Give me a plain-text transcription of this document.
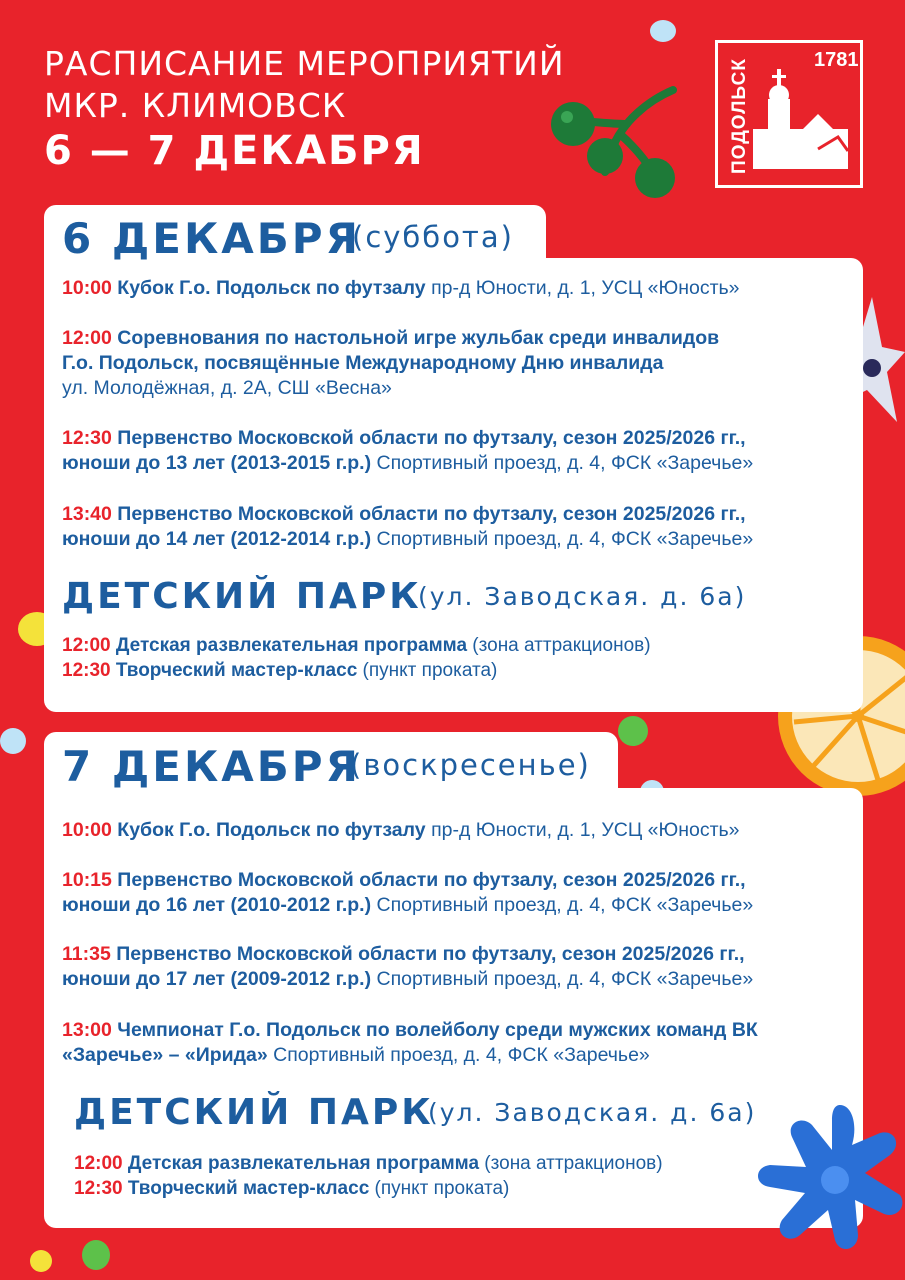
РАСПИСАНИЕ МЕРОПРИЯТИЙ
МКР. КЛИМОВСК
6 — 7 ДЕКАБРЯ	ПОДОЛЬСК	1781
6 ДЕКАБРЯ
(суббота)
10:00 Кубок Г.о. Подольск по футзалу пр-д Юности, д. 1, УСЦ «Юность»
12:00 Соревнования по настольной игре жульбак среди инвалидов
Г.о. Подольск, посвящённые Международному Дню инвалида
ул. Молодёжная, д. 2А, СШ «Весна»
12:30 Первенство Московской области по футзалу, сезон 2025/2026 гг.,
юноши до 13 лет (2013-2015 г.р.) Спортивный проезд, д. 4, ФСК «Заречье»
13:40 Первенство Московской области по футзалу, сезон 2025/2026 гг.,
юноши до 14 лет (2012-2014 г.р.) Спортивный проезд, д. 4, ФСК «Заречье»
ДЕТСКИЙ ПАРК
(ул. Заводская. д. 6а)
12:00 Детская развлекательная программа (зона аттракционов)
12:30 Творческий мастер-класс (пункт проката)
7 ДЕКАБРЯ
(воскресенье)
10:00 Кубок Г.о. Подольск по футзалу пр-д Юности, д. 1, УСЦ «Юность»
10:15 Первенство Московской области по футзалу, сезон 2025/2026 гг.,
юноши до 16 лет (2010-2012 г.р.) Спортивный проезд, д. 4, ФСК «Заречье»
11:35 Первенство Московской области по футзалу, сезон 2025/2026 гг.,
юноши до 17 лет (2009-2012 г.р.) Спортивный проезд, д. 4, ФСК «Заречье»
13:00 Чемпионат Г.о. Подольск по волейболу среди мужских команд ВК
«Заречье» – «Ирида» Спортивный проезд, д. 4, ФСК «Заречье»
ДЕТСКИЙ ПАРК
(ул. Заводская. д. 6а)
12:00 Детская развлекательная программа (зона аттракционов)
12:30 Творческий мастер-класс (пункт проката)
